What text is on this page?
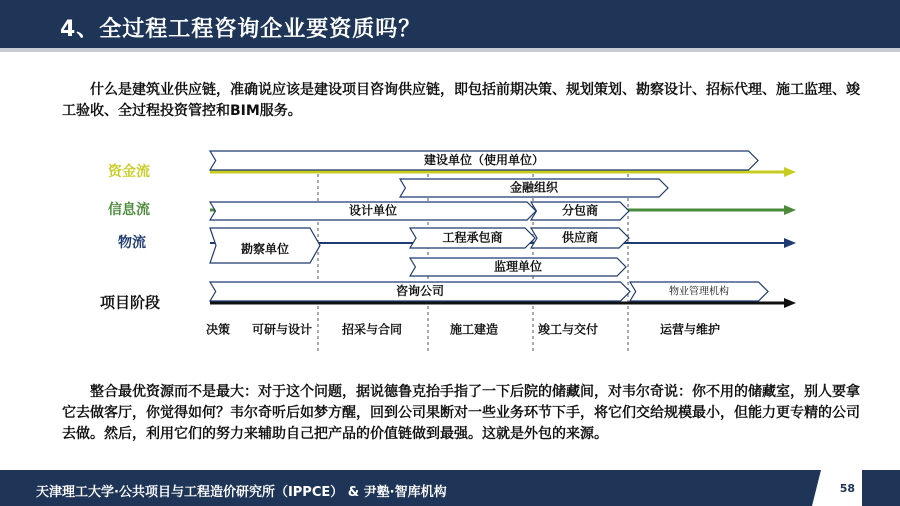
4、全过程工程咨询企业要资质吗？
什么是建筑业供应链，准确说应该是建设项目咨询供应链，即包括前期决策、规划策划、勘察设计、招标代理、施工监理、竣工验收、全过程投资管控和BIM服务。
资金流
信息流
物流
项目阶段
建设单位（使用单位）
金融组织
设计单位	分包商
勘察单位
工程承包商	供应商
监理单位
咨询公司	物业管理机构
决策 可研与设计 招采与合同	施工建造	竣工与交付	运营与维护
整合最优资源而不是最大：对于这个问题，据说德鲁克抬手指了一下后院的储藏间，对韦尔奇说：你不用的储藏室，别人要拿它去做客厅，你觉得如何？韦尔奇听后如梦方醒，回到公司果断对一些业务环节下手，将它们交给规模最小，但能力更专精的公司去做。然后，利用它们的努力来辅助自己把产品的价值链做到最强。这就是外包的来源。
天津理工大学·公共项目与工程造价研究所（IPPCE） & 尹塾·智库机构	58
